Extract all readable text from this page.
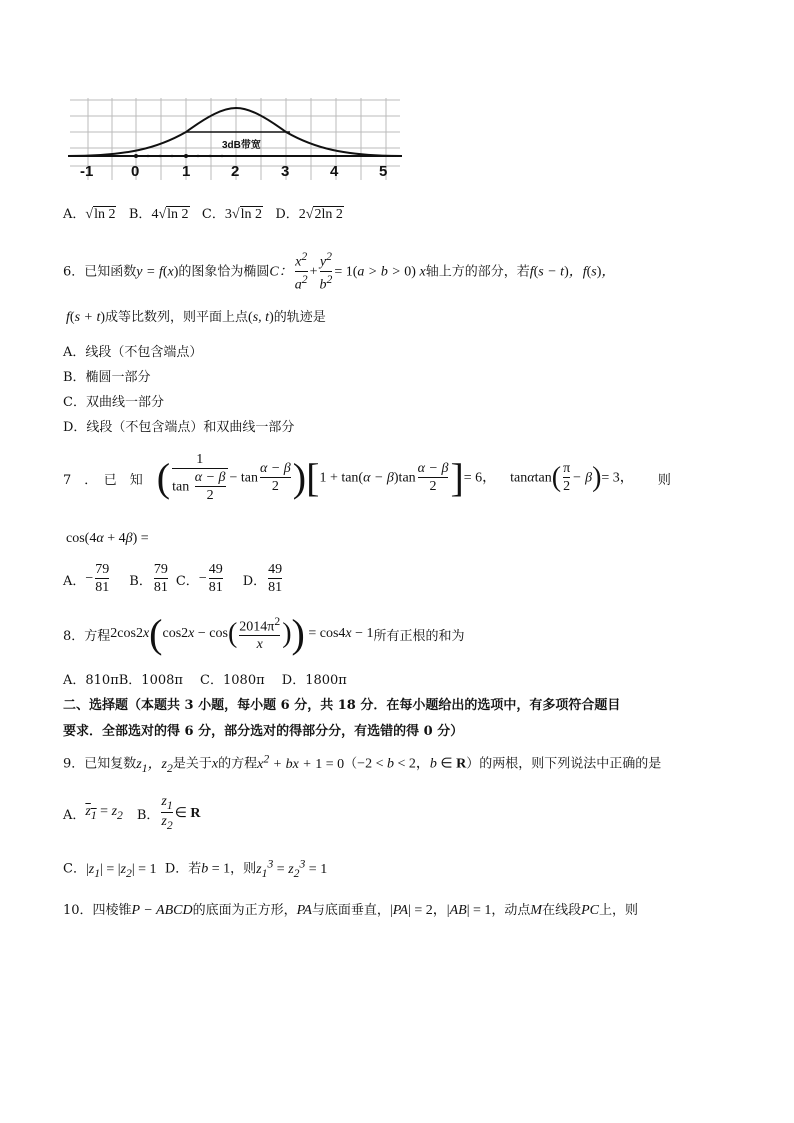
3dB带宽
-1	0	1	2	3	4	5
A．√ln 2 B．4√ln 2 C．3√ln 2 D．2√2ln 2
6．已知函数y = f(x)的图象恰为椭圆C： $\frac{x^2}{a^2} + \frac{y^2}{b^2} = 1(a > b > 0)$ x轴上方的部分，若f(s − t)，f(s)，
f(s + t)成等比数列，则平面上点(s, t)的轨迹是
A．线段（不包含端点）
B．椭圆一部分
C．双曲线一部分
D．线段（不包含端点）和双曲线一部分
7　．　已　知 ( $\frac{1}{\tan \frac{\alpha - \beta}{2}} - \tan \frac{\alpha - \beta}{2} )[1 + \tan(\alpha - \beta)\tan \frac{\alpha - \beta}{2}$ ]= 6， $\tan\alpha\tan( \frac{\pi}{2} - \beta)= 3$， 则
cos(4α + 4β) =
A． − $\frac{79}{81}$ B． $\frac{79}{81}$ C． − $\frac{49}{81}$ D． $\frac{49}{81}$
8．方程 $2\cos 2x(\cos 2x - \cos( \frac{2014\pi^2}{x}$ )) = cos4x − 1 所有正根的和为
A．810πB．1008π　 C．1080π　 D．1800π
二、选择题（本题共 3 小题，每小题 6 分，共 18 分．在每小题给出的选项中，有多项符合题目
要求．全部选对的得 6 分，部分选对的得部分分，有选错的得 0 分）
9．已知复数$z_1$，$z_2$是关于x的方程$x^2$ + bx + 1 = 0（−2 < b < 2，b ∈ R）的两根，则下列说法中正确的是
A． $z_1 = z_2$ B． $\frac{z_1}{z_2}$ ∈ R
C．$|z_1| = |z_2| = 1$ D．若b = 1，则$z_1^3 = z_2^3 = 1$
10．四棱锥P − ABCD的底面为正方形，PA与底面垂直，|PA| = 2，|AB| = 1，动点M在线段PC上，则
